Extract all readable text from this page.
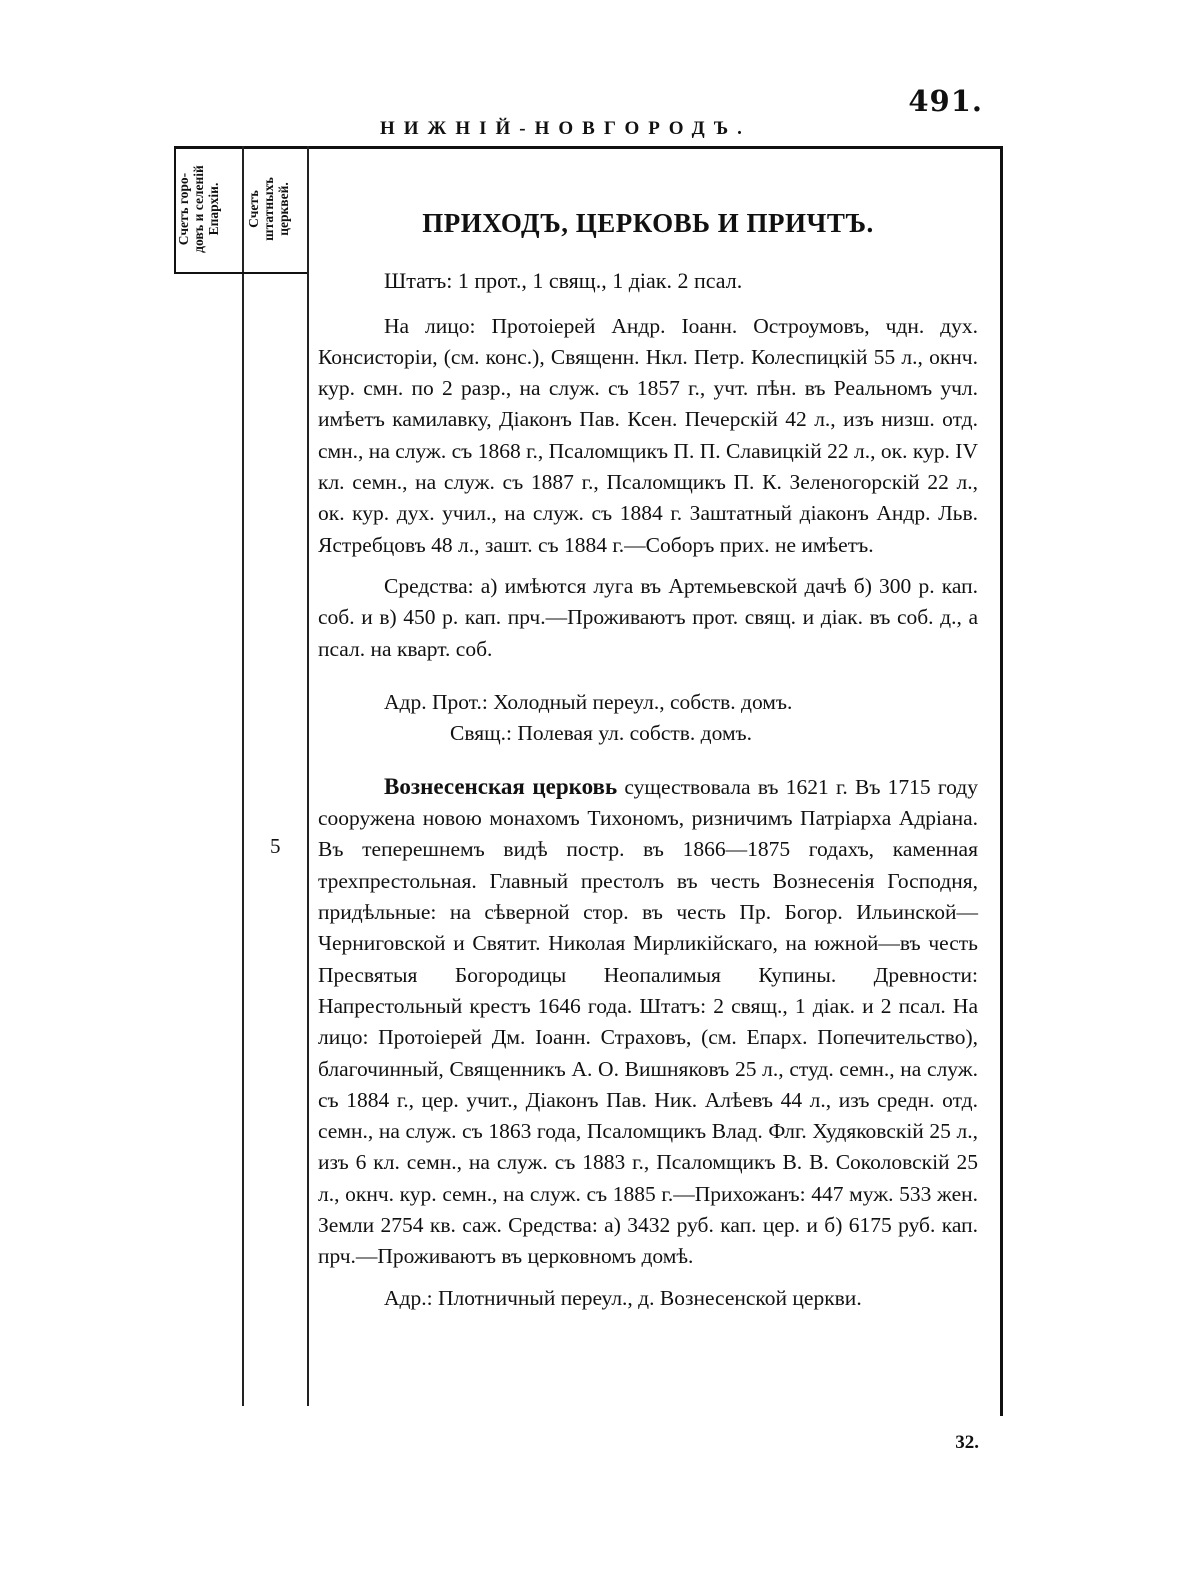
491.
НИЖНІЙ-НОВГОРОДЪ.
Счетъ горо-
довъ и селеній
Епархіи. Счетъ
штатныхъ
церквей.
5
ПРИХОДЪ, ЦЕРКОВЬ И ПРИЧТЪ.
Штатъ: 1 прот., 1 свящ., 1 діак. 2 псал.

На лицо: Протоіерей Андр. Іоанн. Остроумовъ, чдн. дух. Консисторіи, (см. конс.), Священн. Нкл. Петр. Колеспицкій 55 л., окнч. кур. смн. по 2 разр., на служ. съ 1857 г., учт. пѣн. въ Реальномъ учл. имѣетъ камилавку, Діаконъ Пав. Ксен. Печерскій 42 л., изъ низш. отд. смн., на служ. съ 1868 г., Псаломщикъ П. П. Славицкій 22 л., ок. кур. IV кл. семн., на служ. съ 1887 г., Псаломщикъ П. К. Зеленогорскій 22 л., ок. кур. дух. учил., на служ. съ 1884 г. Заштатный діаконъ Андр. Льв. Ястребцовъ 48 л., зашт. съ 1884 г.—Соборъ прих. не имѣетъ.

Средства: а) имѣются луга въ Артемьевской дачѣ б) 300 р. кап. соб. и в) 450 р. кап. прч.—Проживаютъ прот. свящ. и діак. въ соб. д., а псал. на кварт. соб.

Адр. Прот.: Холодный переул., собств. домъ.
Свящ.: Полевая ул. собств. домъ.

Вознесенская церковь существовала въ 1621 г. Въ 1715 году сооружена новою монахомъ Тихономъ, ризничимъ Патріарха Адріана. Въ теперешнемъ видѣ постр. въ 1866—1875 годахъ, каменная трехпрестольная. Главный престолъ въ честь Вознесенія Господня, придѣльные: на сѣверной стор. въ честь Пр. Богор. Ильинской—Черниговской и Святит. Николая Мирликійскаго, на южной—въ честь Пресвятыя Богородицы Неопалимыя Купины. Древности: Напрестольный крестъ 1646 года. Штатъ: 2 свящ., 1 діак. и 2 псал. На лицо: Протоіерей Дм. Іоанн. Страховъ, (см. Епарх. Попечительство), благочинный, Священникъ А. О. Вишняковъ 25 л., студ. семн., на служ. съ 1884 г., цер. учит., Діаконъ Пав. Ник. Алѣевъ 44 л., изъ средн. отд. семн., на служ. съ 1863 года, Псаломщикъ Влад. Флг. Худяковскій 25 л., изъ 6 кл. семн., на служ. съ 1883 г., Псаломщикъ В. В. Соколовскій 25 л., окнч. кур. семн., на служ. съ 1885 г.—Прихожанъ: 447 муж. 533 жен. Земли 2754 кв. саж. Средства: а) 3432 руб. кап. цер. и б) 6175 руб. кап. прч.—Проживаютъ въ церковномъ домѣ.

Адр.: Плотничный переул., д. Вознесенской церкви.
32.
